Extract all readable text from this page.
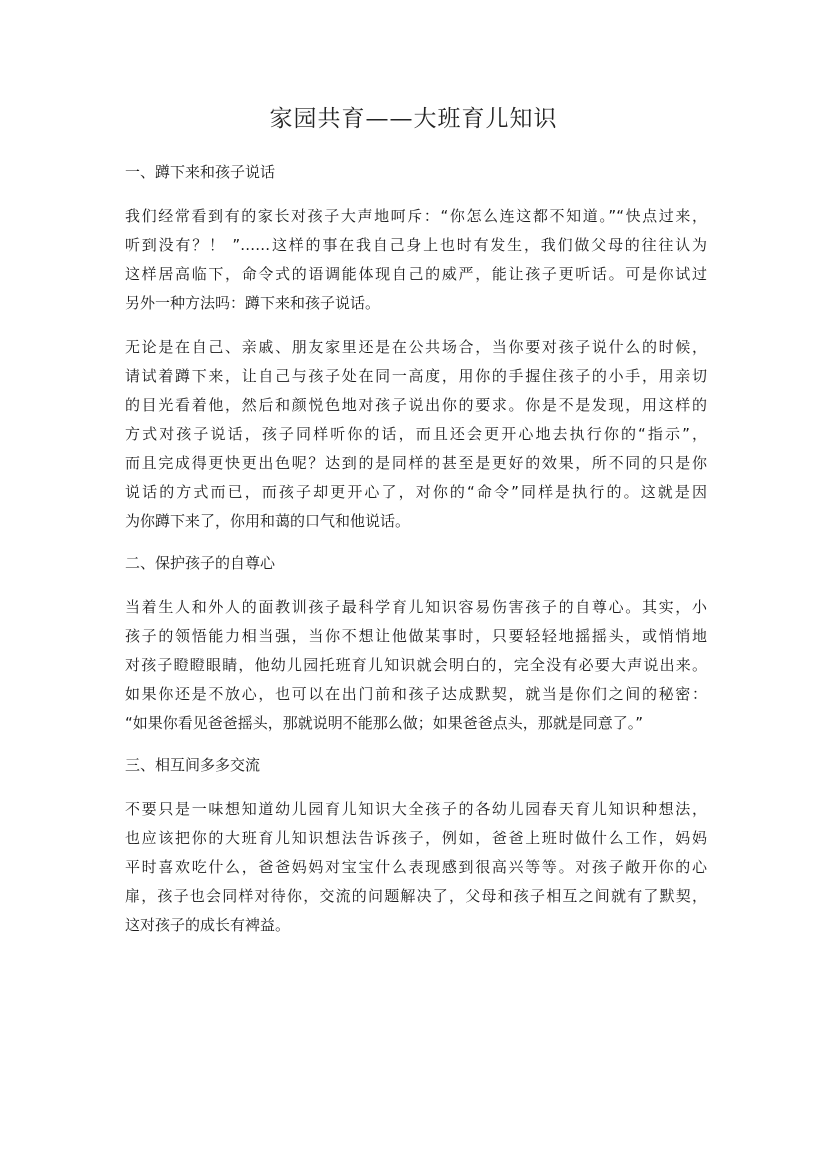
家园共育——大班育儿知识
一、蹲下来和孩子说话

我们经常看到有的家长对孩子大声地呵斥：“你怎么连这都不知道。”“快点过来，
听到没有？！ ”……这样的事在我自己身上也时有发生，我们做父母的往往认为
这样居高临下，命令式的语调能体现自己的威严，能让孩子更听话。可是你试过
另外一种方法吗：蹲下来和孩子说话。

无论是在自己、亲戚、朋友家里还是在公共场合，当你要对孩子说什么的时候，
请试着蹲下来，让自己与孩子处在同一高度，用你的手握住孩子的小手，用亲切
的目光看着他，然后和颜悦色地对孩子说出你的要求。你是不是发现，用这样的
方式对孩子说话，孩子同样听你的话，而且还会更开心地去执行你的“指示”，
而且完成得更快更出色呢？达到的是同样的甚至是更好的效果，所不同的只是你
说话的方式而已，而孩子却更开心了，对你的“命令”同样是执行的。这就是因
为你蹲下来了，你用和蔼的口气和他说话。

二、保护孩子的自尊心

当着生人和外人的面教训孩子最科学育儿知识容易伤害孩子的自尊心。其实，小
孩子的领悟能力相当强，当你不想让他做某事时，只要轻轻地摇摇头，或悄悄地
对孩子瞪瞪眼睛，他幼儿园托班育儿知识就会明白的，完全没有必要大声说出来。
如果你还是不放心，也可以在出门前和孩子达成默契，就当是你们之间的秘密：
“如果你看见爸爸摇头，那就说明不能那么做；如果爸爸点头，那就是同意了。”

三、相互间多多交流

不要只是一味想知道幼儿园育儿知识大全孩子的各幼儿园春天育儿知识种想法，
也应该把你的大班育儿知识想法告诉孩子，例如，爸爸上班时做什么工作，妈妈
平时喜欢吃什么，爸爸妈妈对宝宝什么表现感到很高兴等等。对孩子敞开你的心
扉，孩子也会同样对待你，交流的问题解决了，父母和孩子相互之间就有了默契，
这对孩子的成长有裨益。
